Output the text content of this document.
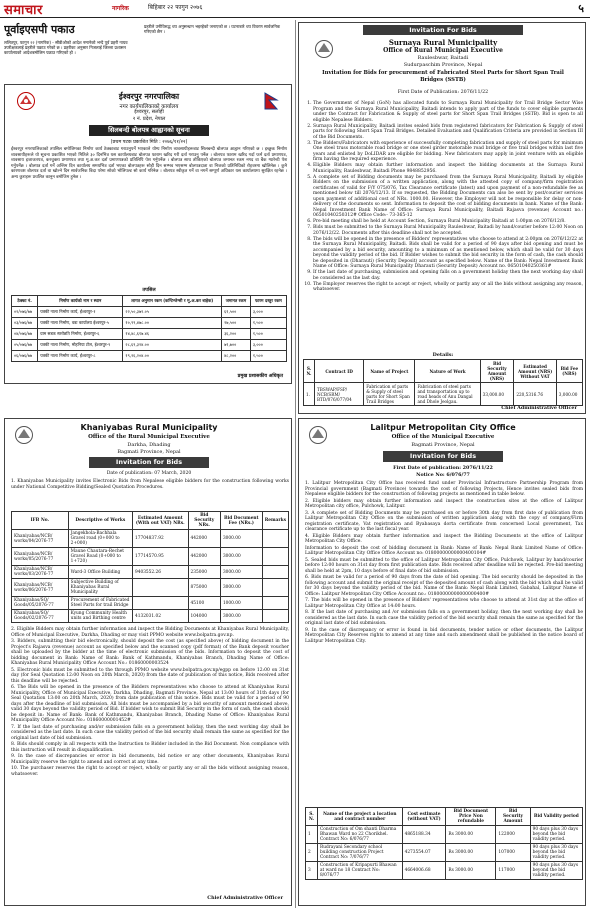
समाचार	नागरिक	बिहिबार २२ फागुन २०७६	५
पूर्वाइएसपी पकाउ
ललितपुर, फागुन २२ (नागरिक) - सीडीओको आदेश नमानेको भन्दै पूर्व प्रहरी नायव उपरीक्षकलाई प्रहरीले पक्राउ गरेको छ । प्रहरीका अनुसार निजलाई जिल्ला प्रशासन कार्यालयको आदेशबमोजिम पक्राउ गरिएको हो ।
प्रहरीले उनीविरुद्ध थप अनुसन्धान भइरहेको जनाएको छ । घटनाबारे थप विवरण सार्वजनिक गरिएको छैन ।
ईश्वरपुर नगरपालिका
नगर कार्यपालिकाको कार्यालय
ईश्वरपुर, सर्लाही
२ नं. प्रदेश, नेपाल
सिलबन्दी बोलपत्र आह्वानको सूचना
(प्रथम पटक प्रकाशित मिति : २०७६/११/२२)
ईश्वरपुर नगरपालिकाको तपसिल बमोजिमका निर्माण कार्य ठेक्काबाट गराउनुपर्ने भएकाले योग्य निर्माण व्यवसायीहरूबाट सिलबन्दी बोलपत्र आह्वान गरिएको छ । इच्छुक निर्माण व्यवसायीहरूले यो सूचना प्रकाशित भएको मितिले ३० दिनभित्र यस कार्यालयबाट बोलपत्र फाराम खरिद गरी दर्ता गराउनु पर्नेछ । बोलपत्र फाराम खरिद गर्दा फर्म दर्ता प्रमाणपत्र, व्यवसाय इजाजतपत्र, करचुक्ता प्रमाणपत्र तथा मू.अ.कर दर्ता प्रमाणपत्रको प्रतिलिपि पेश गर्नुपर्नेछ । बोलपत्र साथ तोकिएको बोलपत्र जमानत रकम नगद वा बैंक ग्यारेन्टी पेश गर्नुपर्नेछ । बोलपत्र दर्ता गर्ने अन्तिम दिन कार्यालय समयभित्र दर्ता भएका बोलपत्रहरू सोही दिन सम्भव भएसम्म बोलपत्रदाता वा निजको प्रतिनिधिको रोहवरमा खोलिनेछ । कुनै कारणवश बोलपत्र दर्ता वा खोल्ने दिन सार्वजनिक बिदा परेमा सोको भोलिपल्ट सो कार्य गरिनेछ । बोलपत्र स्वीकृत गर्ने वा नगर्ने सम्पूर्ण अधिकार यस कार्यालयमा सुरक्षित रहनेछ । अन्य कुराहरू प्रचलित कानुन बमोजिम हुनेछ ।
तपसिल
ठेक्का नं.	निर्माण कार्यको नाम र स्थान	लागत अनुमान रकम (कन्टिन्जेन्सी र मू.अ.कर बाहेक)	जमानत रकम	फारम दस्तुर रकम
०२/०७६/७७	पक्की नाला निर्माण कार्य, ईश्वरपुर-१	२२,५०,३७२.०५	६१,५००	३,०००
०३/०७६/७७	पक्की नाला निर्माण, वडा कार्यालय ईश्वरपुर-५	१०,९९,४७८.००	२७,५००	१,५००
०४/०७६/७७	ग्राम सडक स्तरोन्नति निर्माण, ईश्वरपुर-६	१४,४८,६१७.४६	३६,२००	१,५००
०५/०७६/७७	पक्की नाला निर्माण, मोहनिया टोल, ईश्वरपुर-९	२८,६९,३२४.००	७१,७००	३,०००
०६/०७६/७७	पक्की नाला निर्माण कार्य, ईश्वरपुर-८	१९,२६,२०४.००	४८,२००	१,५००
प्रमुख प्रशासकीय अधिकृत
Invitation For Bids
Surnaya Rural Municipality
Office of Rural Municipal Executive
Raulesbwar, Baitadi
Sudurpaschim Province, Nepal
Invitation for Bids for procurement of Fabricated Steel Parts for Short Span Trail Bridges (SSTB)
First Date of Publication: 2076/11/22
1. The Government of Nepal (GoN) has allocated funds to Surnaya Rural Municipality for Trail Bridge Sector Wise Program and the Surnaya Rural Municipality, Baitadi intends to apply part of the funds to cover eligible payments under the Contract for Fabrication & Supply of steel parts for Short Span Trail Bridges (SSTB). Bid is open to all eligible Nepalese Bidders.
2. Surnaya Rural Municipality, Baitadi invites sealed bids from registered fabricators for Fabrication & Supply of steel parts for following Short Span Trail Bridges. Detailed Evaluation and Qualification Criteria are provided in Section III of the Bid Documents.
3. The Bidders/Fabricators with experience of successfully completing fabrication and supply of steel parts for minimum One steel truss motorable road bridge or one steel girder motorable road bridge or five trail bridges within last five years and enlisted by DoLIDAR are eligible for bidding. New fabricators may apply in joint venture with an eligible firm having the required experience.
4. Eligible Bidders may obtain further information and inspect the bidding documents at the Surnaya Rural Municipality, Raulesbwar, Baitadi Phone 9848852956.
5. A complete set of Bidding documents may be purchased from the Surnaya Rural Municipality, Baitadi by eligible Bidders on the submission of a written application, along with the attested copy of company/firm registration certificates of valid for F/Y 075/076, Tax Clearance certificate (latest) and upon payment of a non-refundable fee as mentioned below till 2076/12/13. If so requested, the Bidding Documents can also be sent by post/courier services upon payment of additional cost of NRs. 1000.00. However, the Employer will not be responsible for delay or non-delivery of the documents so sent. Information to deposit the cost of bidding documents in bank. Name of the Bank: Nepal Investment Bank Name of Office: Surnaya Rural Municipality, Baitadi Rajasva (revenue) Account no.: 06501040250312# Office Code:- 73-365-12
6. Pre-bid meeting shall be held at Account Section, Surnaya Rural Municipality Baitadi at 1:00pm on 2076/12/8.
7. Bids must be submitted to the Surnaya Rural Municipality Raulesbwar, Baitadi by hand/courier before 12:00 Noon on 2076/12/22. Documents after this deadline shall not be accepted.
8. The bids will be opened in the presence of Bidders' representatives who choose to attend at 2:00pm on 2076/12/22 at the Surnaya Rural Municipality, Baitadi. Bids shall be valid for a period of 90 days after bid opening and must be accompanied by a bid security, amounting to a minimum of as mentioned below, which shall be valid for 30 days beyond the validity period of the bid. If Bidder wishes to submit the bid security in the form of cash, the cash should be deposited in (Dharauti) (Security Deposit) account as specified below. Name of the Bank: Nepal Investment Bank Name of Office: Surnaya Rural Municipality Dharauti (Security Deposit) Account no. 06501040250361#
9. If the last date of purchasing, submission and opening falls on a government holiday then the next working day shall be considered as the last day.
10. The Employer reserves the right to accept or reject, wholly or partly any or all the bids without assigning any reason, whatsoever.
Details:
S. N.	Contract ID	Name of Project	Nature of Work	Bid Security Amount (NRS)	Estimated Amount (NRS) Without VAT	Bid Fee (NRS)
1.	TBSWAP/FSP/ NCB/SRM/ BTD/076/077/04	Fabrication of parts & Supply of steel parts for Short Span Trail Bridges	Fabrication of steel parts and transportation up to road heads of Anu Dangal and Dhole Jeolgau.	33,000.00	220,5316.76	3,000.00
Chief Administrative Officer
Khaniyabas Rural Municipality
Office of the Rural Municipal Executive
Darkha, Dhading
Bagmati Province, Nepal
Invitation for Bids
Date of publication: 07 March, 2020
1. Khaniyabas Municipality invites Electronic Bids from Nepalese eligible bidders for the construction following works under National Competitive Bidding/Sealed Quotation Procedures.
IFB No.	Descriptive of Works	Estimated Amount (With out VAT) NRs.	Bid Security NRs.	Bid Document Fee (NRs.)	Remarks
Khaniyabas/NCB/ works/04/2076-77	Jangekhola-Bachhala Gravel road (0+000 to 2+000)	17704837.92	442000	3000.00	
Khaniyabas/NCB/ works/05/2076-77	Maune Chautara-Rechet Gravel Road (0+000 to 1+720)	17714570.95	442000	3000.00	
Khaniyabas/NCB/ works/03/2076-77	Ward-3 Office Building	9403552.26	235000	3000.00	
Khaniyabas/NCB/ works/06/2076-77	Subjective Building of Khaniyabas Rural Municipality		875000	3000.00	
Khaniyabas/SQ/ Goods/05/2076-77	Procurement of Fabricated Steel Parts for trail Bridge		45100	1000.00	
Khaniyabas/SQ/ Goods/02/2076-77	Kyung Community Health units and Birthing centre	4132031.02	104000	3000.00	

2. Eligible Bidders may obtain further information and inspect the Bidding Documents at Khaniyabas Rural Municipality, Office of Municipal Executive, Darkha, Dhading or may visit PPMO website www.bolpatra.gov.np.

3. Bidders, submitting their bid electronically, should deposit the cost (as specified above) of bidding document in the Project's Rajasva (revenue) account as specified below and the scanned copy (pdf format) of the Bank deposit voucher shall be uploaded by the bidder at the time of electronic submission of the bids. Information to deposit the cost of bidding document in Bank: Name of Bank: Bank of Kathmandu, Khaniyabas Branch, Dhading Name of Office: Khaniyabas Rural Municipality Office Account No.: 01860000003524

5. Electronic bids must be submitted to the through PPMO website www.bolpatra.gov.np/egpp on before 12:00 on 31st day (for Seal Quotation 12:00 Noon on 20th March, 2020) from the date of publication of this notice, Bids received after this deadline will be rejected.

6. The Bids will be opened in the presence of the Bidders representatives who choose to attend at Khaniyabas Rural Municipality, Office of Municipal Executive, Darkha, Dhading, Bagmati Province, Nepal at 13:00 hours of 31th days (for Seal Quotation 13:00 on 20th March, 2020) from date publication of this notice. Bids must be valid for a period of 90 days after the deadline of bid submission. All bids must be accompanied by a bid security of amount mentioned above, valid 30 days beyond the validity period of Bid. If bidder wish to submit Bid Security in the form of cash, the cash should be deposit in: Name of Bank: Bank of Kathmandu, Khaniyabas Branch, Dhading Name of Office: Khaniyabas Rural Municipality Office Account No.: 01860000001452#

7. If the last date of purchasing and/or submission falls on a government holiday, then the next working day shall be considered as the last date. In such case the validity period of the bid security shall remain the same as specified for the original last date of bid submission.

8. Bids should comply in all respects with the Instruction to Bidder included in the Bid Document. Non compliance with this instruction will result in disqualification.

9. In the case of discrepancies or error in bid documents, bid notice or any other documents, Khaniyabas Rural Municipality reserve the right to amend and correct at any time.

10. The purchaser reserves the right to accept or reject, wholly or partly any or all the bids without assigning reason, whatsoever.

Chief Administrative Officer
Lalitpur Metropolitan City Office
Office of the Municipal Executive
Bagmati Province, Nepal
Invitation for Bids
First Date of publication: 2076/11/22
Notice No: 6/076/77

1. Lalitpur Metropolitan City Office has received fund under Provincial Infrastructure Partnership Program from Provincial government (Bagmati Province) towards the cost of following Projects, Hence invites sealed bids from Nepalese eligible bidders for the construction of following projects as mentioned in table below.

2. Eligible bidders may obtain further information and inspect the construction sites at the office of Lalitpur Metropolitan city office, Pulchowk, Lalitpur.

3. A complete set of Bidding Documents may be purchased on or before 30th day from first date of publication from Lalitpur Metropolitan City Office on the submission of written application along with the copy of company/Firm registration certificate, Vat registration and Byabasaya dorta certificate from concerned Local government, Tax clearance certificate up to the last fiscal year.

4. Eligible Bidders may obtain further information and inspect the Bidding Documents at the office of Lalitpur Metropolitan City Office.

Information to deposit the cost of bidding document in Bank: Name of Bank: Nepal Bank Limited Name of Office: Lalitpur Metropolitan City Office Office Account no: 01800000000000400104#

5. Sealed bids must be submitted to the office of Lalitpur Metropolitan City Office, Pulchowk, Lalitpur by hand/courier before 12:00 hours on 31st day from first publication date. Bids received after deadline will be rejected. Pre-bid meeting shall be held at 2pm, 10 days before of final date of bid submission.

6. Bids must be valid for a period of 90 days from the date of bid opening. The bid security should be deposited in the following account and submit the original receipt of the deposited amount of cash along with the bid which shall be valid for 30 days beyond the validity period of the bid. Name of the Bank: Nepal Bank Limited, Gabahal, Lalitpur Name of Office: Lalitpur Metropolitan City Office Account no.: 01800000000000000400#

7. The bids will be opened in the presence of Bidders' representatives who choose to attend at 31st day at the office of Lalitpur Metropolitan City Office at 14:00 hours.

8. If the last date of purchasing and /or submission falls on a government holiday, then the next working day shall be considered as the last date. In such case the validity period of the bid security shall remain the same as specified for the original last date of bid submission.

9. In the case of discrepancy or error is found in bid documents, tender notice or other documents, the Lalitpur Metropolitan City Reserves rights to amend at any time and such amendment shall be published in the notice board of Lalitpur Metropolitan City.

S. N.	Name of the project a location and contract number	Cost estimate (without VAT)	Bid Document Price Non refundable	Bid Security Amount	Bid Validity period
1	Construction of Om shanti Dharma Bhawan Ward no 22 Chorikhel. Contract No: 6/076/77	4865188.34	Rs 3000.00	122000	90 days plus 30 days beyond the bid validity period.
2	Rudrayani Secondary school building construction Project Contract No: 7/076/77	4273554.07	Rs 3000.00	107000	90 days plus 30 days beyond the bid validity period.
3	Construction of Kripapurti Bhawan at ward no 18 Contract No: 8/076/77	4664006.68	Rs 3000.00	117000	90 days plus 30 days beyond the bid validity period.
